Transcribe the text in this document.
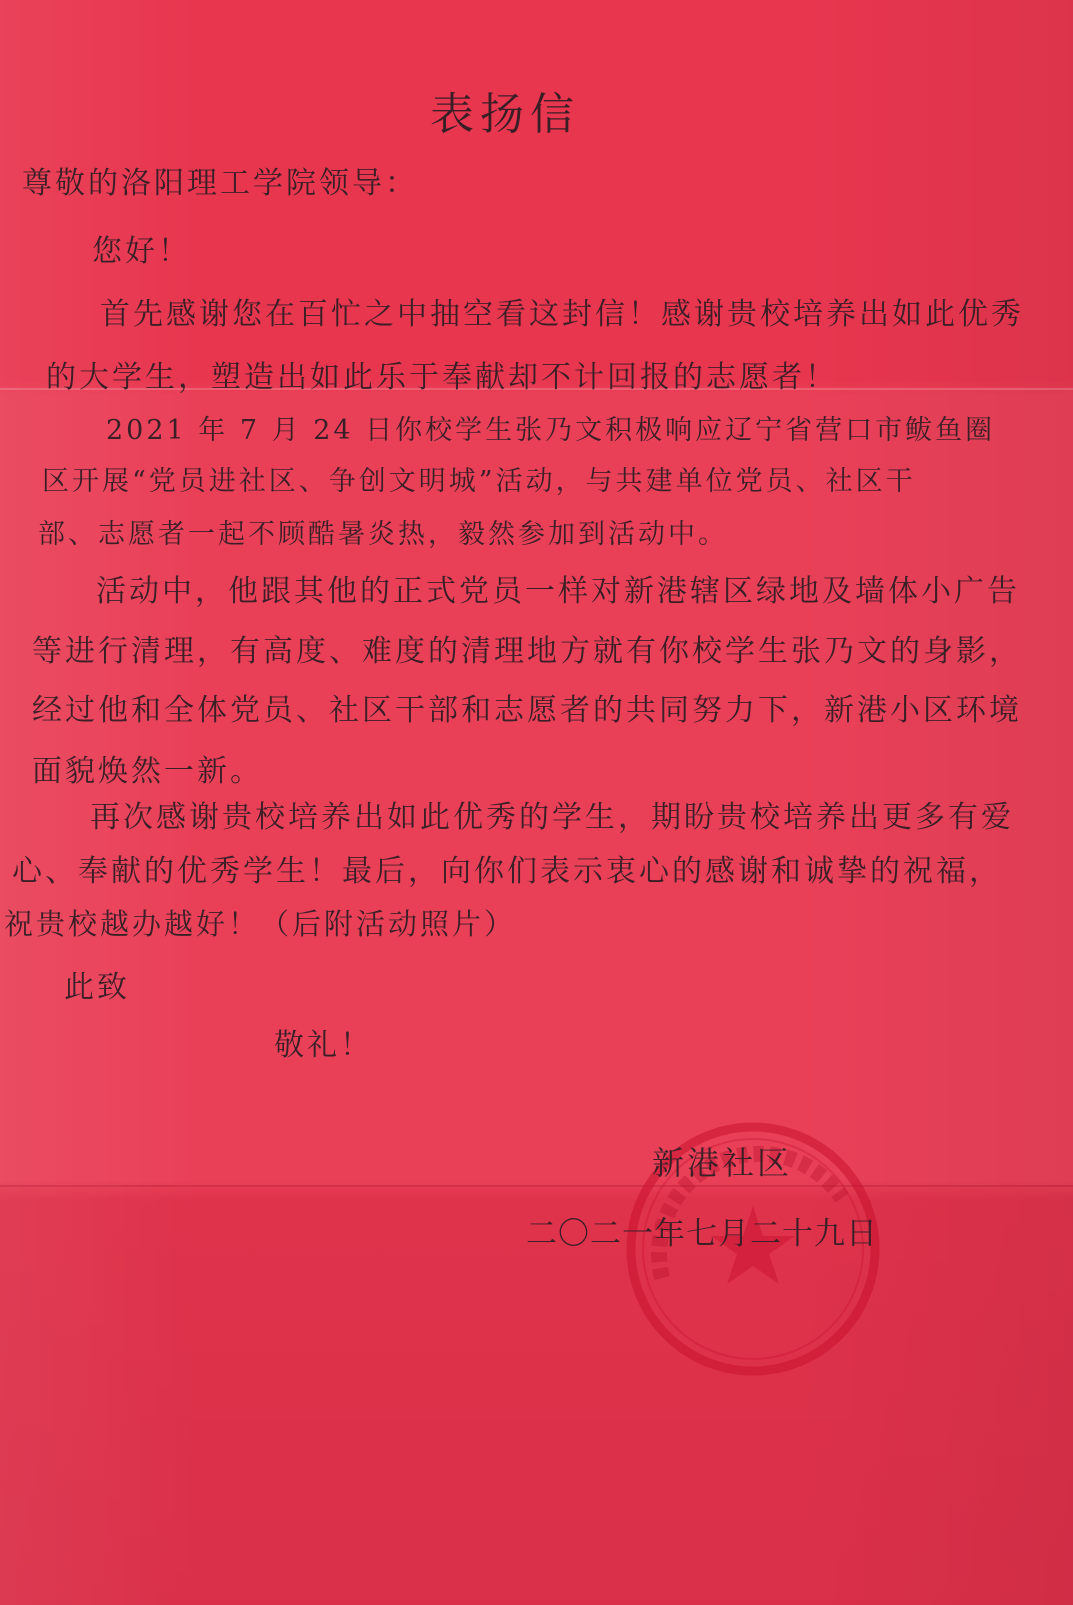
表扬信
尊敬的洛阳理工学院领导：
您好！
首先感谢您在百忙之中抽空看这封信！感谢贵校培养出如此优秀
的大学生，塑造出如此乐于奉献却不计回报的志愿者！
2021 年 7 月 24 日你校学生张乃文积极响应辽宁省营口市鲅鱼圈
区开展“党员进社区、争创文明城”活动，与共建单位党员、社区干
部、志愿者一起不顾酷暑炎热，毅然参加到活动中。
活动中，他跟其他的正式党员一样对新港辖区绿地及墙体小广告
等进行清理，有高度、难度的清理地方就有你校学生张乃文的身影，
经过他和全体党员、社区干部和志愿者的共同努力下，新港小区环境
面貌焕然一新。
再次感谢贵校培养出如此优秀的学生，期盼贵校培养出更多有爱
心、奉献的优秀学生！最后，向你们表示衷心的感谢和诚挚的祝福，
祝贵校越办越好！（后附活动照片）
此致
敬礼！
新港社区
二〇二一年七月二十九日
